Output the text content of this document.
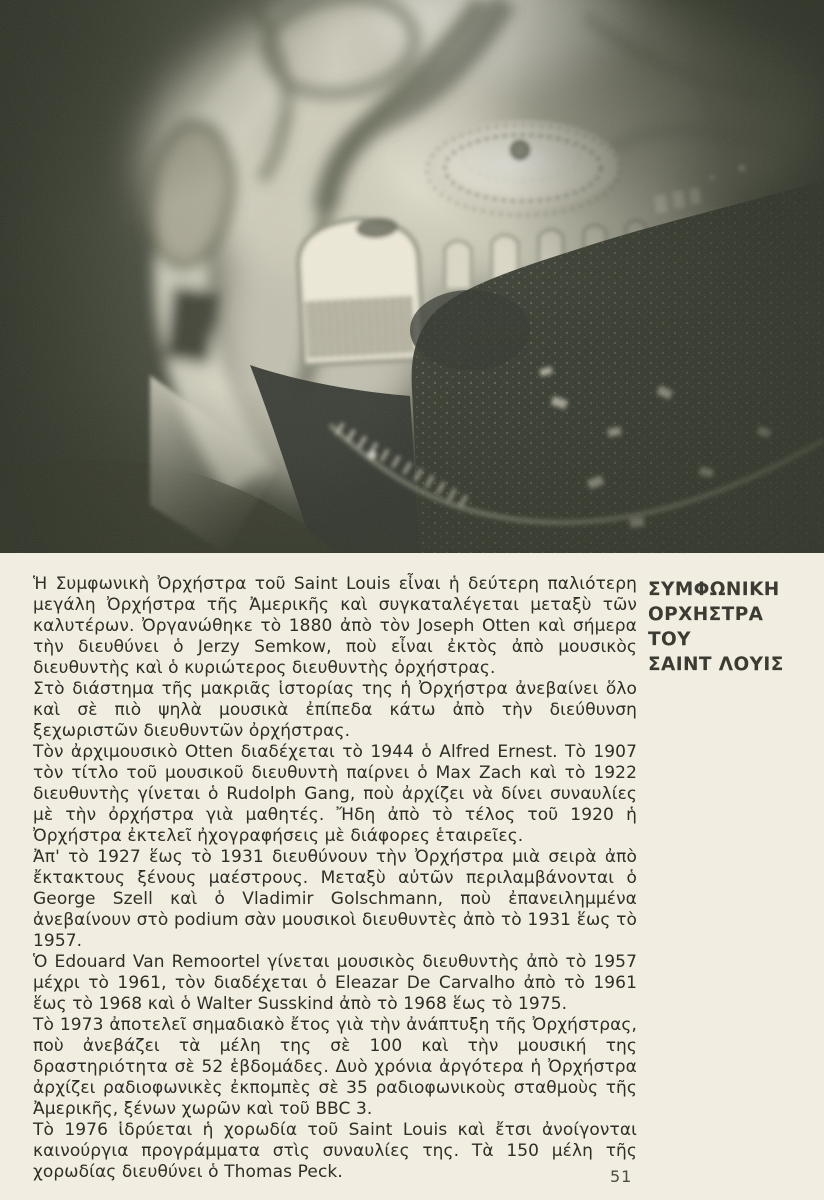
Ἡ Συμφωνικὴ Ὀρχήστρα τοῦ Saint Louis εἶναι ἡ δεύτερη παλιότερη μεγάλη Ὀρχήστρα τῆς Ἀμερικῆς καὶ συγκαταλέγεται μεταξὺ τῶν καλυτέρων. Ὀργανώθηκε τὸ 1880 ἀπὸ τὸν Joseph Otten καὶ σήμερα τὴν διευθύνει ὁ Jerzy Semkow, ποὺ εἶναι ἐκτὸς ἀπὸ μουσικὸς διευθυντὴς καὶ ὁ κυριώτερος διευθυντὴς ὀρχήστρας.

Στὸ διάστημα τῆς μακριᾶς ἱστορίας της ἡ Ὀρχήστρα ἀνεβαίνει ὅλο καὶ σὲ πιὸ ψηλὰ μουσικὰ ἐπίπεδα κάτω ἀπὸ τὴν διεύθυνση ξεχωριστῶν διευθυντῶν ὀρχήστρας.

Τὸν ἀρχιμουσικὸ Otten διαδέχεται τὸ 1944 ὁ Alfred Ernest. Τὸ 1907 τὸν τίτλο τοῦ μουσικοῦ διευθυντὴ παίρνει ὁ Max Zach καὶ τὸ 1922 διευθυντὴς γίνεται ὁ Rudolph Gang, ποὺ ἀρχίζει νὰ δίνει συναυλίες μὲ τὴν ὀρχήστρα γιὰ μαθητές. Ἤδη ἀπὸ τὸ τέλος τοῦ 1920 ἡ Ὀρχήστρα ἐκτελεῖ ἠχογραφήσεις μὲ διάφορες ἑταιρεῖες.

Ἀπ' τὸ 1927 ἕως τὸ 1931 διευθύνουν τὴν Ὀρχήστρα μιὰ σειρὰ ἀπὸ ἔκτακτους ξένους μαέστρους. Μεταξὺ αὐτῶν περιλαμβάνονται ὁ George Szell καὶ ὁ Vladimir Golschmann, ποὺ ἐπανειλημμένα ἀνεβαίνουν στὸ podium σὰν μουσικοὶ διευθυντὲς ἀπὸ τὸ 1931 ἕως τὸ 1957.

Ὁ Edouard Van Remoortel γίνεται μουσικὸς διευθυντὴς ἀπὸ τὸ 1957 μέχρι τὸ 1961, τὸν διαδέχεται ὁ Eleazar De Carvalho ἀπὸ τὸ 1961 ἕως τὸ 1968 καὶ ὁ Walter Susskind ἀπὸ τὸ 1968 ἕως τὸ 1975.

Τὸ 1973 ἀποτελεῖ σημαδιακὸ ἔτος γιὰ τὴν ἀνάπτυξη τῆς Ὀρχήστρας, ποὺ ἀνεβάζει τὰ μέλη της σὲ 100 καὶ τὴν μουσική της δραστηριότητα σὲ 52 ἑβδομάδες. Δυὸ χρόνια ἀργότερα ἡ Ὀρχήστρα ἀρχίζει ραδιοφωνικὲς ἐκπομπὲς σὲ 35 ραδιοφωνικοὺς σταθμοὺς τῆς Ἀμερικῆς, ξένων χωρῶν καὶ τοῦ BBC 3.

Τὸ 1976 ἱδρύεται ἡ χορωδία τοῦ Saint Louis καὶ ἔτσι ἀνοίγονται καινούργια προγράμματα στὶς συναυλίες της. Τὰ 150 μέλη τῆς χορωδίας διευθύνει ὁ Thomas Peck.

ΣΥΜΦΩΝΙΚΗ
ΟΡΧΗΣΤΡΑ
ΤΟΥ
ΣΑΙΝΤ ΛΟΥΙΣ
51
